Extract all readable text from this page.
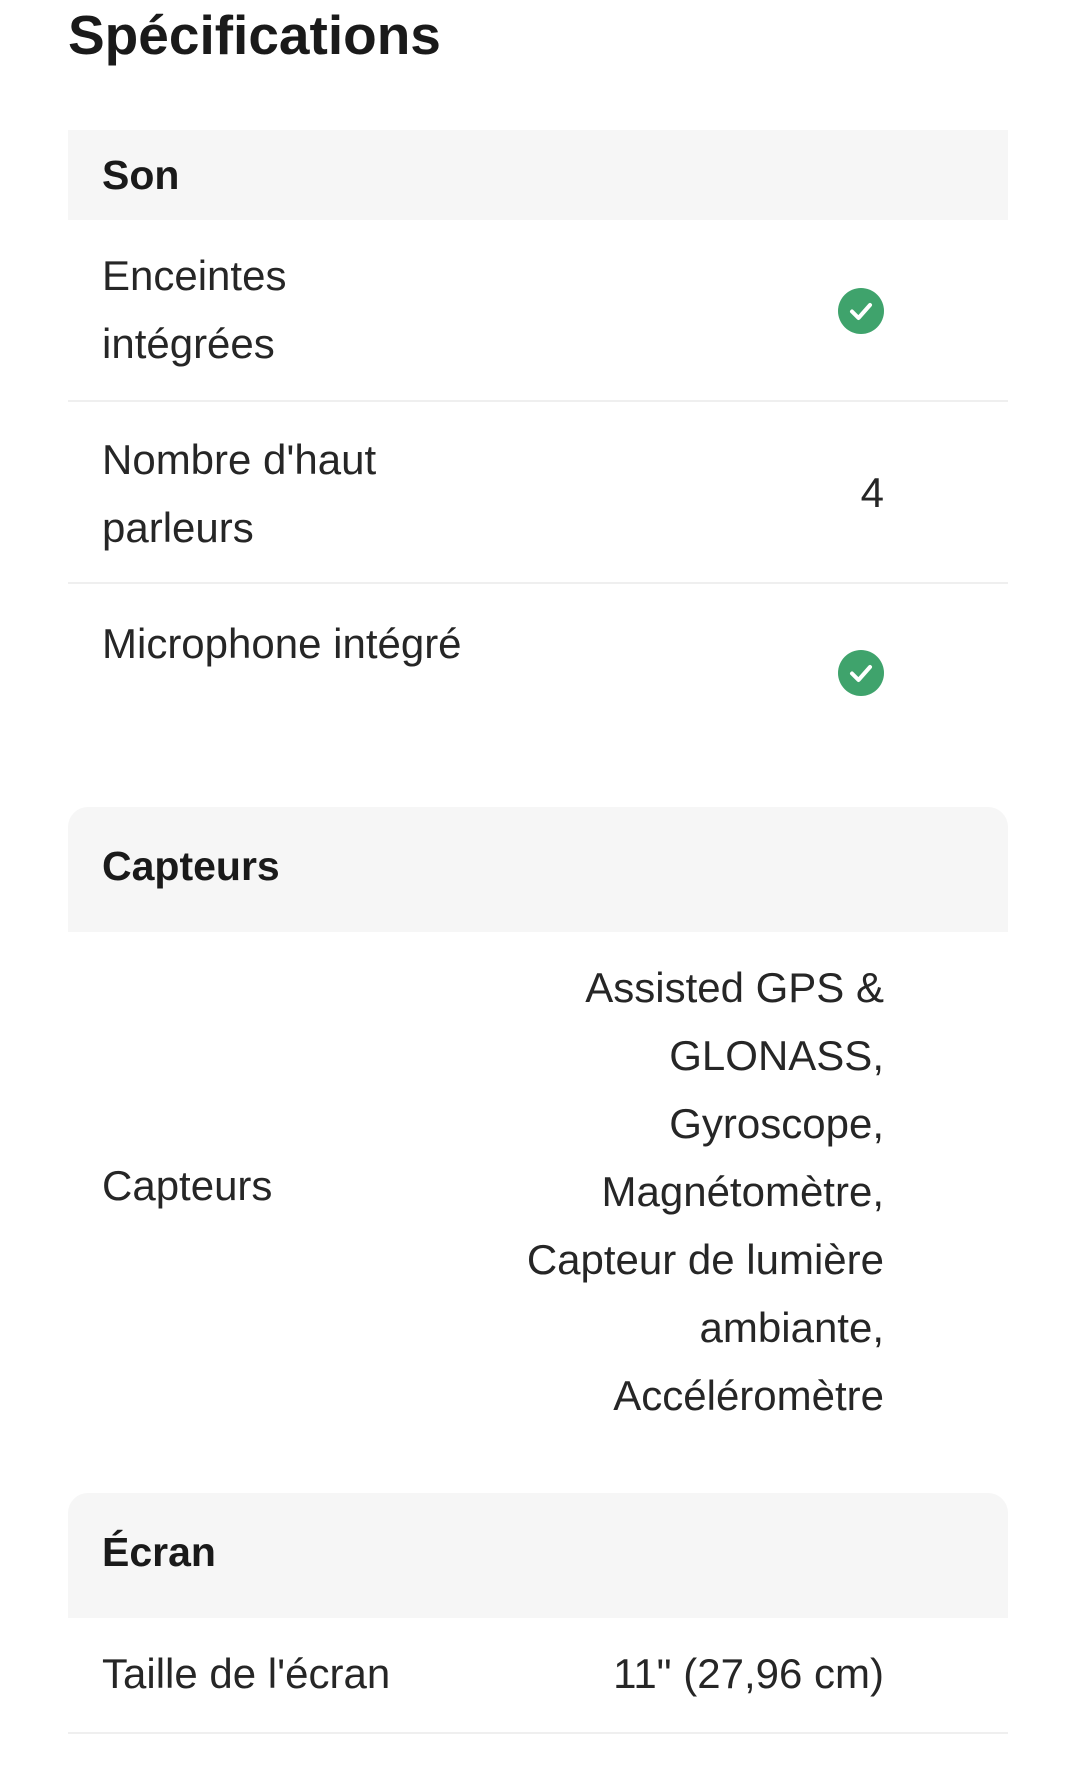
Spécifications
Son
Enceintes intégrées
Nombre d'haut parleurs
4
Microphone intégré
Capteurs
Capteurs
Assisted GPS & GLONASS, Gyroscope, Magnétomètre, Capteur de lumière ambiante, Accéléromètre
Écran
Taille de l'écran	11" (27,96 cm)
